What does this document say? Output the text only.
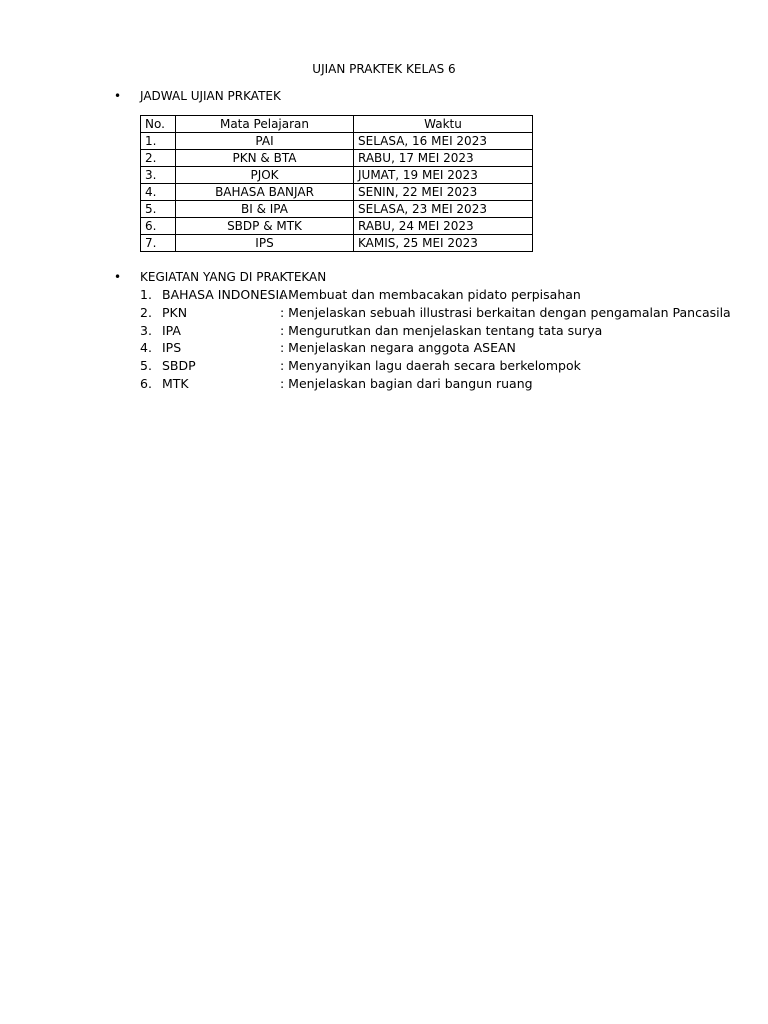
UJIAN PRAKTEK KELAS 6
• JADWAL UJIAN PRKATEK
No.	Mata Pelajaran	Waktu
1.	PAI	SELASA, 16 MEI 2023
2.	PKN & BTA	RABU, 17 MEI 2023
3.	PJOK	JUMAT, 19 MEI 2023
4.	BAHASA BANJAR	SENIN, 22 MEI 2023
5.	BI & IPA	SELASA, 23 MEI 2023
6.	SBDP & MTK	RABU, 24 MEI 2023
7.	IPS	KAMIS, 25 MEI 2023
• KEGIATAN YANG DI PRAKTEKAN
1. BAHASA INDONESIA: Membuat dan membacakan pidato perpisahan
2. PKN	: Menjelaskan sebuah illustrasi berkaitan dengan pengamalan Pancasila
3. IPA	: Mengurutkan dan menjelaskan tentang tata surya
4. IPS	: Menjelaskan negara anggota ASEAN
5. SBDP	: Menyanyikan lagu daerah secara berkelompok
6. MTK	: Menjelaskan bagian dari bangun ruang
